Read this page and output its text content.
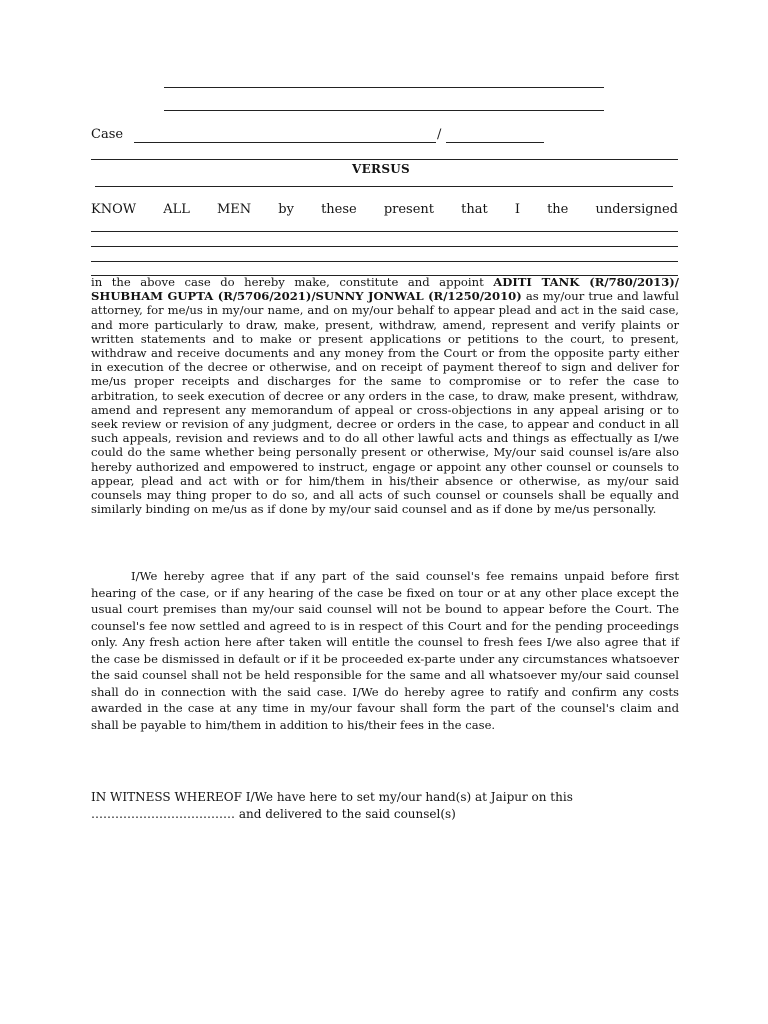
Case	/
VERSUS
KNOW ALL MEN by these present that I the undersigned

in the above case do hereby make, constitute and appoint ADITI TANK (R/780/2013)/ SHUBHAM GUPTA (R/5706/2021)/SUNNY JONWAL (R/1250/2010) as my/our true and lawful attorney, for me/us in my/our name, and on my/our behalf to appear plead and act in the said case, and more particularly to draw, make, present, withdraw, amend, represent and verify plaints or written statements and to make or present applications or petitions to the court, to present, withdraw and receive documents and any money from the Court or from the opposite party either in execution of the decree or otherwise, and on receipt of payment thereof to sign and deliver for me/us proper receipts and discharges for the same to compromise or to refer the case to arbitration, to seek execution of decree or any orders in the case, to draw, make present, withdraw, amend and represent any memorandum of appeal or cross-objections in any appeal arising or to seek review or revision of any judgment, decree or orders in the case, to appear and conduct in all such appeals, revision and reviews and to do all other lawful acts and things as effectually as I/we could do the same whether being personally present or otherwise, My/our said counsel is/are also hereby authorized and empowered to instruct, engage or appoint any other counsel or counsels to appear, plead and act with or for him/them in his/their absence or otherwise, as my/our said counsels may thing proper to do so, and all acts of such counsel or counsels shall be equally and similarly binding on me/us as if done by my/our said counsel and as if done by me/us personally.

I/We hereby agree that if any part of the said counsel's fee remains unpaid before first hearing of the case, or if any hearing of the case be fixed on tour or at any other place except the usual court premises than my/our said counsel will not be bound to appear before the Court. The counsel's fee now settled and agreed to is in respect of this Court and for the pending proceedings only. Any fresh action here after taken will entitle the counsel to fresh fees I/we also agree that if the case be dismissed in default or if it be proceeded ex-parte under any circumstances whatsoever the said counsel shall not be held responsible for the same and all whatsoever my/our said counsel shall do in connection with the said case. I/We do hereby agree to ratify and confirm any costs awarded in the case at any time in my/our favour shall form the part of the counsel's claim and shall be payable to him/them in addition to his/their fees in the case.

IN WITNESS WHEREOF I/We have here to set my/our hand(s) at Jaipur on this
……………………………… and delivered to the said counsel(s)
